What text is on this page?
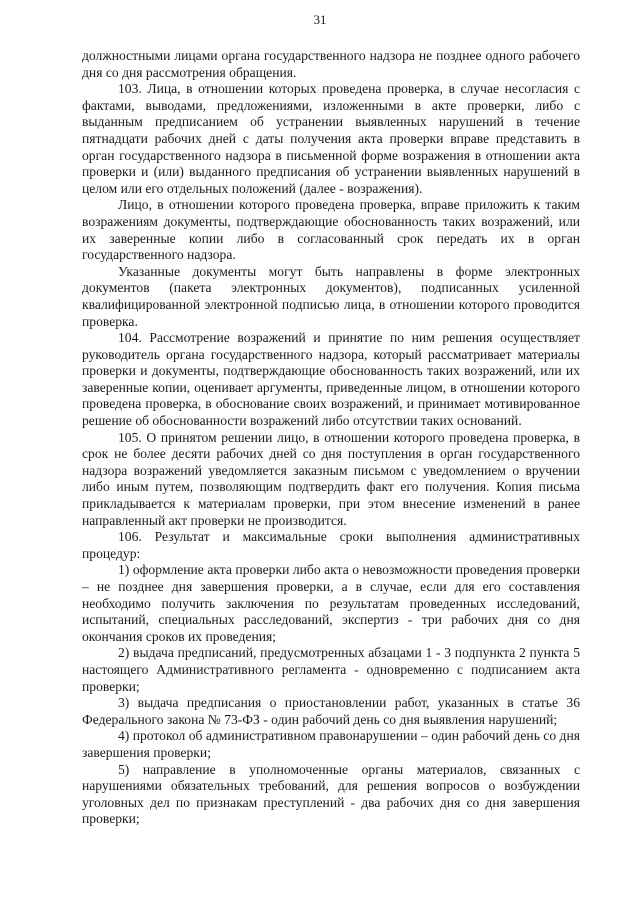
31

должностными лицами органа государственного надзора не позднее одного рабочего дня со дня рассмотрения обращения.

103. Лица, в отношении которых проведена проверка, в случае несогласия с фактами, выводами, предложениями, изложенными в акте проверки, либо с выданным предписанием об устранении выявленных нарушений в течение пятнадцати рабочих дней с даты получения акта проверки вправе представить в орган государственного надзора в письменной форме возражения в отношении акта проверки и (или) выданного предписания об устранении выявленных нарушений в целом или его отдельных положений (далее - возражения).

Лицо, в отношении которого проведена проверка, вправе приложить к таким возражениям документы, подтверждающие обоснованность таких возражений, или их заверенные копии либо в согласованный срок передать их в орган государственного надзора.

Указанные документы могут быть направлены в форме электронных документов (пакета электронных документов), подписанных усиленной квалифицированной электронной подписью лица, в отношении которого проводится проверка.

104. Рассмотрение возражений и принятие по ним решения осуществляет руководитель органа государственного надзора, который рассматривает материалы проверки и документы, подтверждающие обоснованность таких возражений, или их заверенные копии, оценивает аргументы, приведенные лицом, в отношении которого проведена проверка, в обоснование своих возражений, и принимает мотивированное решение об обоснованности возражений либо отсутствии таких оснований.

105. О принятом решении лицо, в отношении которого проведена проверка, в срок не более десяти рабочих дней со дня поступления в орган государственного надзора возражений уведомляется заказным письмом с уведомлением о вручении либо иным путем, позволяющим подтвердить факт его получения. Копия письма прикладывается к материалам проверки, при этом внесение изменений в ранее направленный акт проверки не производится.

106. Результат и максимальные сроки выполнения административных процедур:

1) оформление акта проверки либо акта о невозможности проведения проверки – не позднее дня завершения проверки, а в случае, если для его составления необходимо получить заключения по результатам проведенных исследований, испытаний, специальных расследований, экспертиз - три рабочих дня со дня окончания сроков их проведения;

2) выдача предписаний, предусмотренных абзацами 1 - 3 подпункта 2 пункта 5 настоящего Административного регламента - одновременно с подписанием акта проверки;

3) выдача предписания о приостановлении работ, указанных в статье 36 Федерального закона № 73-ФЗ - один рабочий день со дня выявления нарушений;

4) протокол об административном правонарушении – один рабочий день со дня завершения проверки;

5) направление в уполномоченные органы материалов, связанных с нарушениями обязательных требований, для решения вопросов о возбуждении уголовных дел по признакам преступлений - два рабочих дня со дня завершения проверки;
